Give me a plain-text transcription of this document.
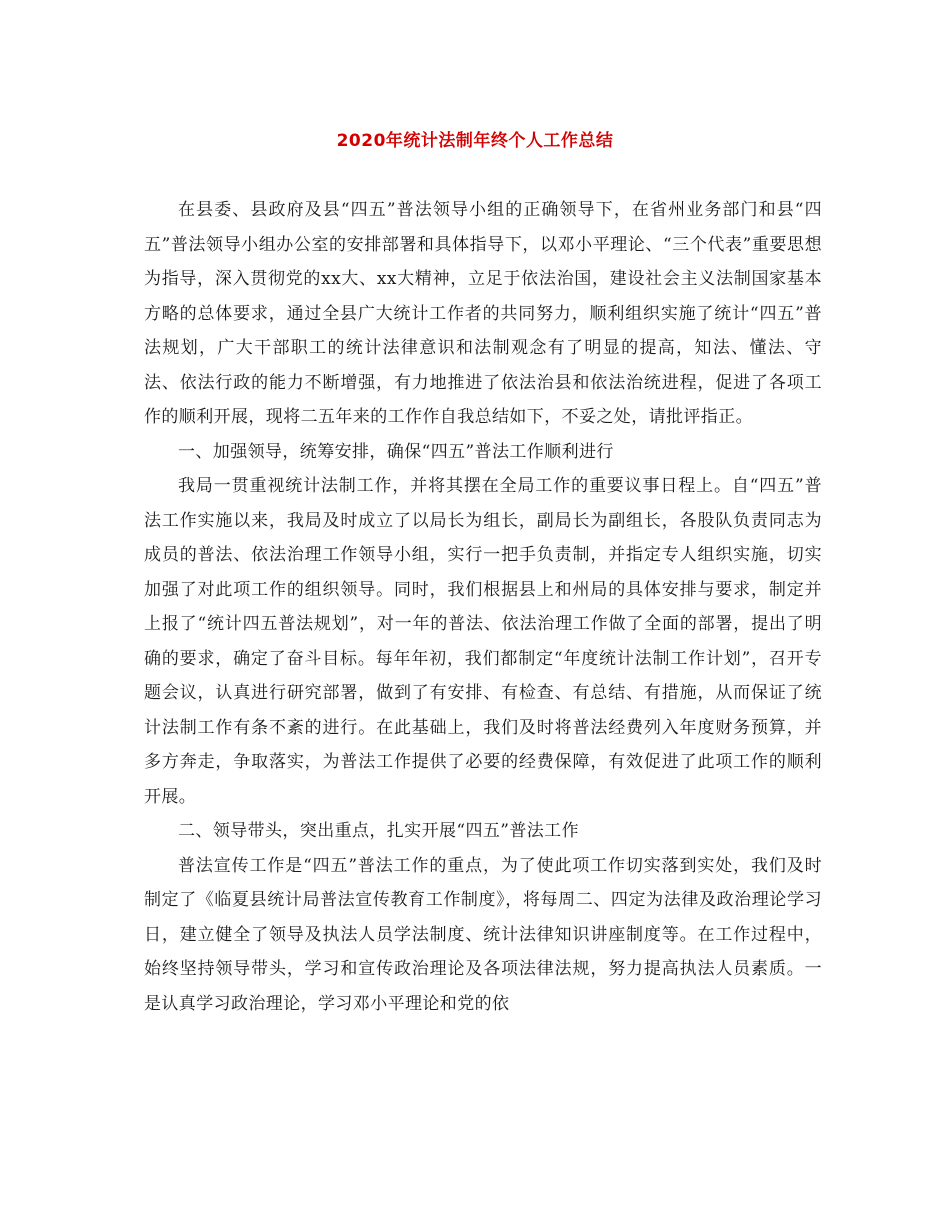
2020年统计法制年终个人工作总结

在县委、县政府及县“四五”普法领导小组的正确领导下，在省州业务部门和县“四五”普法领导小组办公室的安排部署和具体指导下，以邓小平理论、“三个代表”重要思想为指导，深入贯彻党的xx大、xx大精神，立足于依法治国，建设社会主义法制国家基本方略的总体要求，通过全县广大统计工作者的共同努力，顺利组织实施了统计“四五”普法规划，广大干部职工的统计法律意识和法制观念有了明显的提高，知法、懂法、守法、依法行政的能力不断增强，有力地推进了依法治县和依法治统进程，促进了各项工作的顺利开展，现将二五年来的工作作自我总结如下，不妥之处，请批评指正。

一、加强领导，统筹安排，确保“四五”普法工作顺利进行

我局一贯重视统计法制工作，并将其摆在全局工作的重要议事日程上。自“四五”普法工作实施以来，我局及时成立了以局长为组长，副局长为副组长，各股队负责同志为成员的普法、依法治理工作领导小组，实行一把手负责制，并指定专人组织实施，切实加强了对此项工作的组织领导。同时，我们根据县上和州局的具体安排与要求，制定并上报了“统计四五普法规划”，对一年的普法、依法治理工作做了全面的部署，提出了明确的要求，确定了奋斗目标。每年年初，我们都制定“年度统计法制工作计划”，召开专题会议，认真进行研究部署，做到了有安排、有检查、有总结、有措施，从而保证了统计法制工作有条不紊的进行。在此基础上，我们及时将普法经费列入年度财务预算，并多方奔走，争取落实，为普法工作提供了必要的经费保障，有效促进了此项工作的顺利开展。

二、领导带头，突出重点，扎实开展“四五”普法工作

普法宣传工作是“四五”普法工作的重点，为了使此项工作切实落到实处，我们及时制定了《临夏县统计局普法宣传教育工作制度》，将每周二、四定为法律及政治理论学习日，建立健全了领导及执法人员学法制度、统计法律知识讲座制度等。在工作过程中，始终坚持领导带头，学习和宣传政治理论及各项法律法规，努力提高执法人员素质。一是认真学习政治理论，学习邓小平理论和党的依
